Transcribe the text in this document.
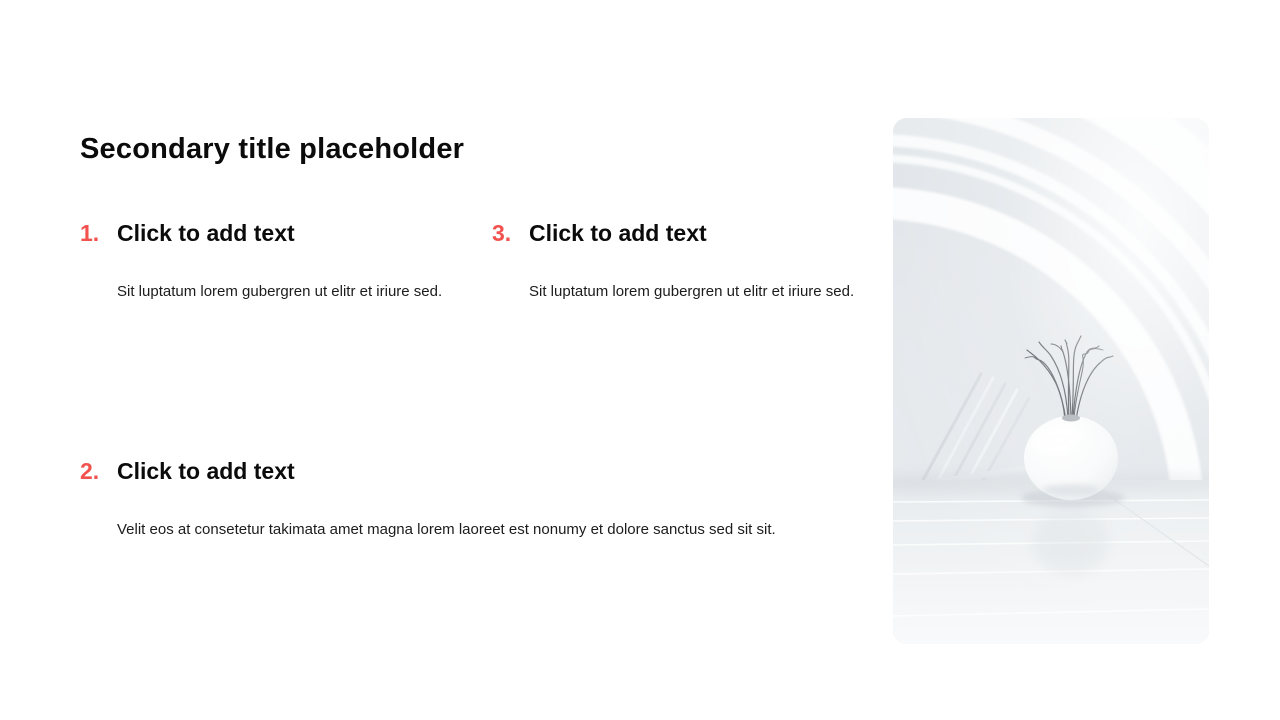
Secondary title placeholder
1. Click to add text
Sit luptatum lorem gubergren ut elitr et iriure sed.
3. Click to add text
Sit luptatum lorem gubergren ut elitr et iriure sed.
2. Click to add text
Velit eos at consetetur takimata amet magna lorem laoreet est nonumy et dolore sanctus sed sit sit.
